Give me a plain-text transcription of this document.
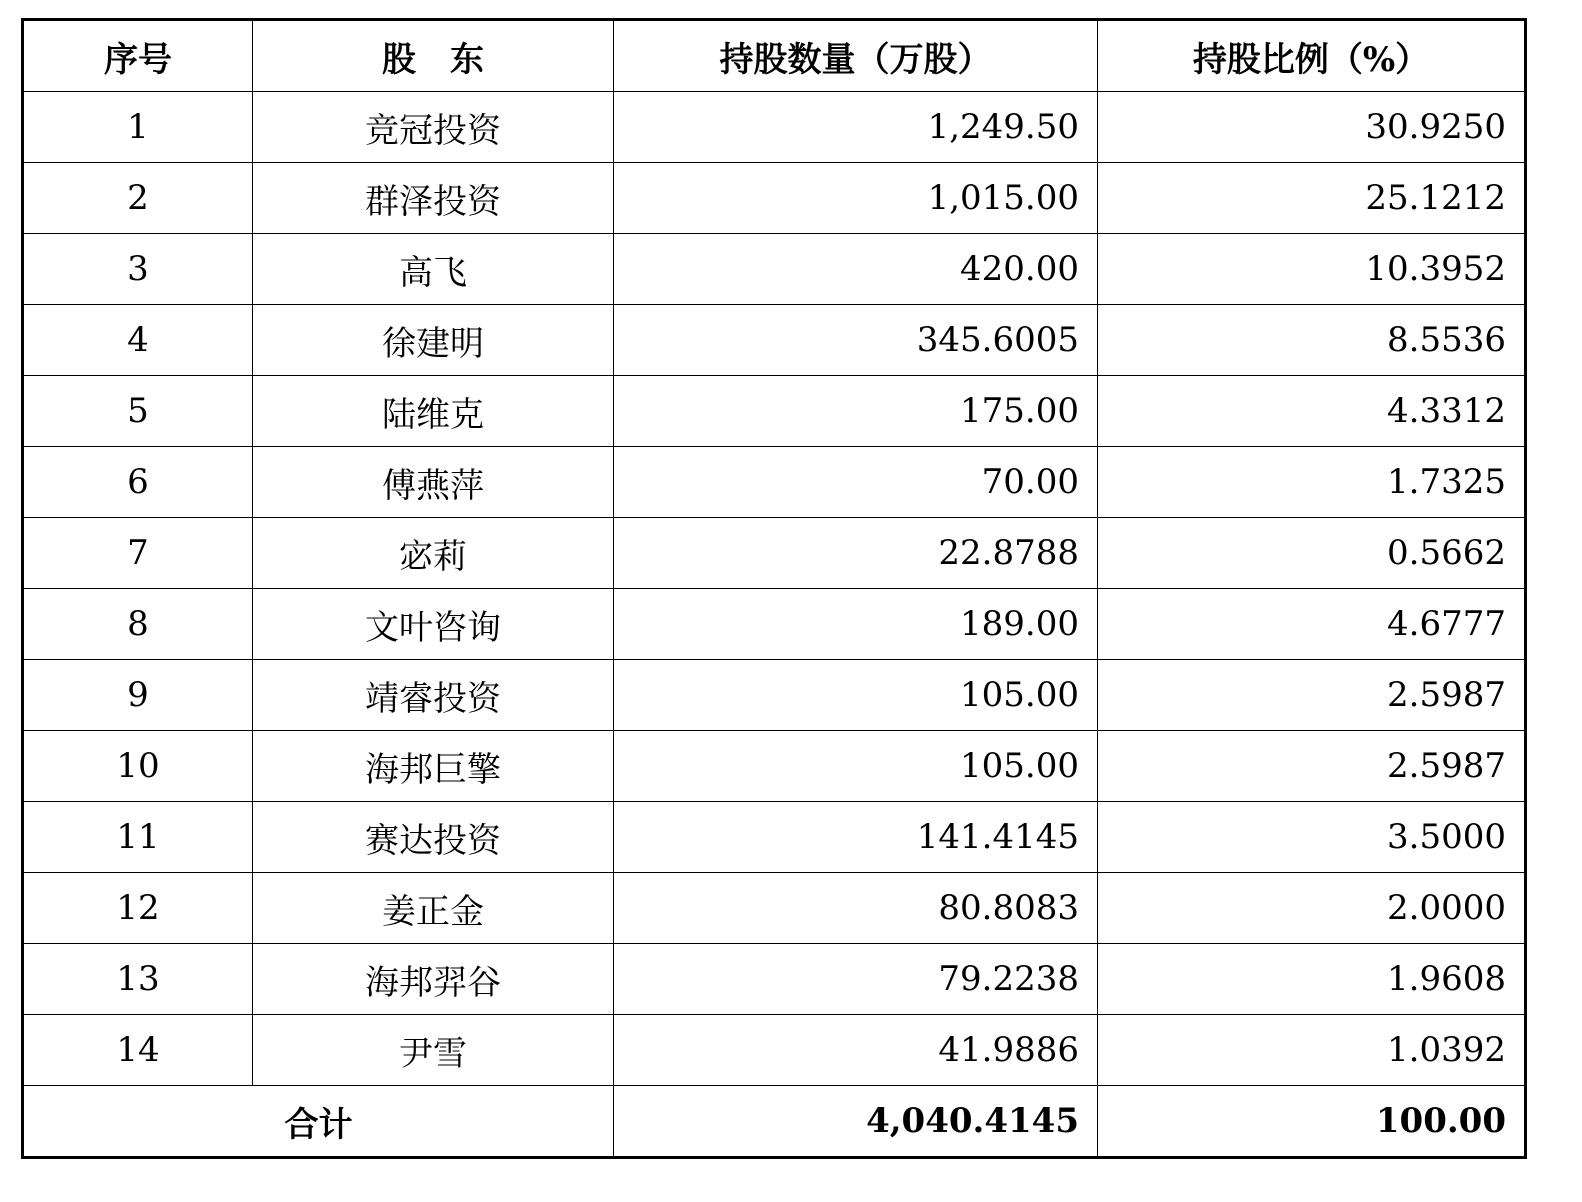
序号	股　东	持股数量（万股）	持股比例（%）
1	竞冠投资	1,249.50	30.9250
2	群泽投资	1,015.00	25.1212
3	高飞	420.00	10.3952
4	徐建明	345.6005	8.5536
5	陆维克	175.00	4.3312
6	傅燕萍	70.00	1.7325
7	宓莉	22.8788	0.5662
8	文叶咨询	189.00	4.6777
9	靖睿投资	105.00	2.5987
10	海邦巨擎	105.00	2.5987
11	赛达投资	141.4145	3.5000
12	姜正金	80.8083	2.0000
13	海邦羿谷	79.2238	1.9608
14	尹雪	41.9886	1.0392
合计		4,040.4145	100.00
